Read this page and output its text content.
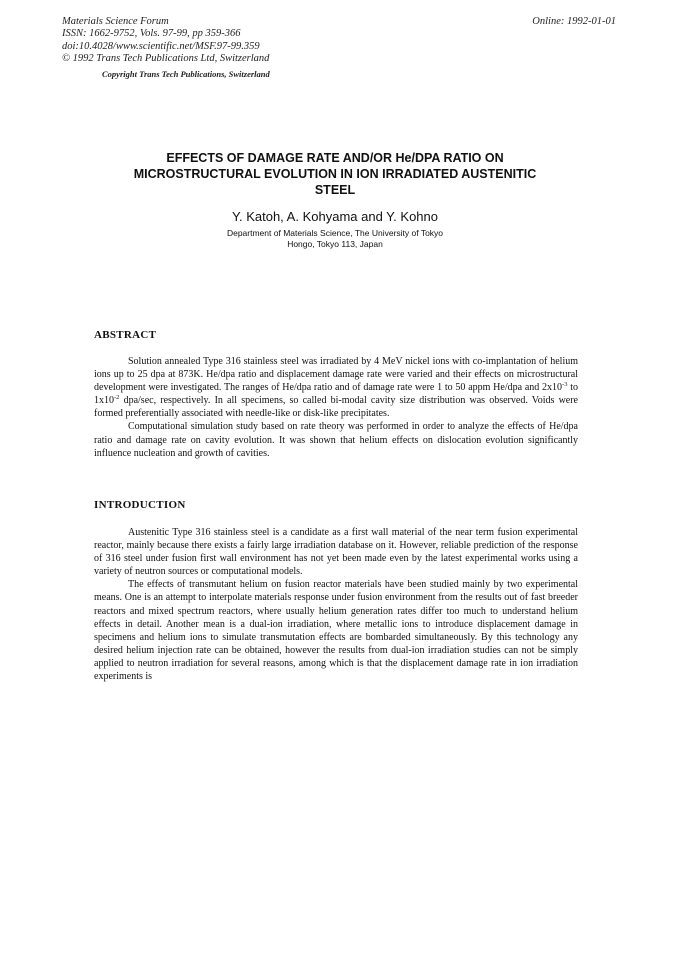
Materials Science Forum
ISSN: 1662-9752, Vols. 97-99, pp 359-366
doi:10.4028/www.scientific.net/MSF.97-99.359
© 1992 Trans Tech Publications Ltd, Switzerland
Online: 1992-01-01
Copyright Trans Tech Publications, Switzerland
EFFECTS OF DAMAGE RATE AND/OR He/DPA RATIO ON
MICROSTRUCTURAL EVOLUTION IN ION IRRADIATED AUSTENITIC
STEEL
Y. Katoh, A. Kohyama and Y. Kohno
Department of Materials Science, The University of Tokyo
Hongo, Tokyo 113, Japan
ABSTRACT

Solution annealed Type 316 stainless steel was irradiated by 4 MeV nickel ions with co-implantation of helium ions up to 25 dpa at 873K. He/dpa ratio and displacement damage rate were varied and their effects on microstructural development were investigated. The ranges of He/dpa ratio and of damage rate were 1 to 50 appm He/dpa and $2x10^{-3}$ to $1x10^{-2}$ dpa/sec, respectively. In all specimens, so called bi-modal cavity size distribution was observed. Voids were formed preferentially associated with needle-like or disk-like precipitates.

Computational simulation study based on rate theory was performed in order to analyze the effects of He/dpa ratio and damage rate on cavity evolution. It was shown that helium effects on dislocation evolution significantly influence nucleation and growth of cavities.

INTRODUCTION

Austenitic Type 316 stainless steel is a candidate as a first wall material of the near term fusion experimental reactor, mainly because there exists a fairly large irradiation database on it. However, reliable prediction of the response of 316 steel under fusion first wall environment has not yet been made even by the latest experimental works using a variety of neutron sources or computational models.

The effects of transmutant helium on fusion reactor materials have been studied mainly by two experimental means. One is an attempt to interpolate materials response under fusion environment from the results out of fast breeder reactors and mixed spectrum reactors, where usually helium generation rates differ too much to understand helium effects in detail. Another mean is a dual-ion irradiation, where metallic ions to introduce displacement damage in specimens and helium ions to simulate transmutation effects are bombarded simultaneously. By this technology any desired helium injection rate can be obtained, however the results from dual-ion irradiation studies can not be simply applied to neutron irradiation for several reasons, among which is that the displacement damage rate in ion irradiation experiments is
